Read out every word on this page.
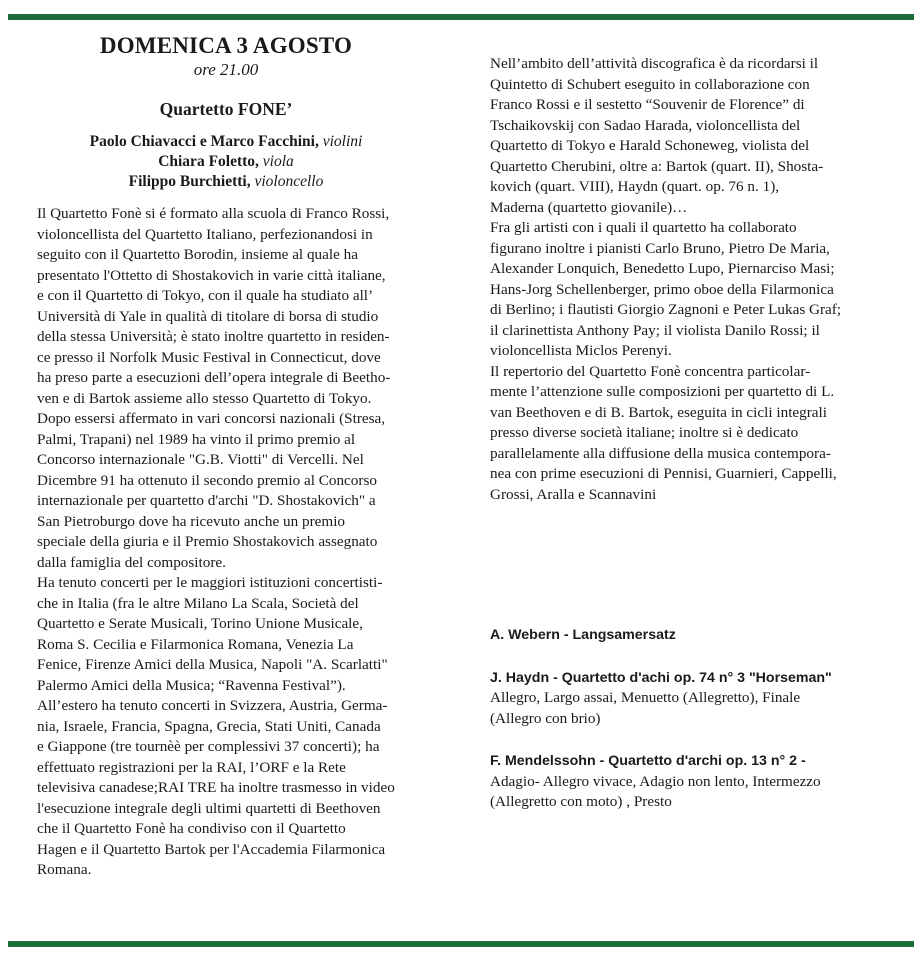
DOMENICA 3 AGOSTO
ore 21.00
Quartetto FONE’
Paolo Chiavacci e Marco Facchini, violini
Chiara Foletto, viola
Filippo Burchietti, violoncello

Il Quartetto Fonè si é formato alla scuola di Franco Rossi,
violoncellista del Quartetto Italiano, perfezionandosi in
seguito con il Quartetto Borodin, insieme al quale ha
presentato l'Ottetto di Shostakovich in varie città italiane,
e con il Quartetto di Tokyo, con il quale ha studiato all’
Università di Yale in qualità di titolare di borsa di studio
della stessa Università; è stato inoltre quartetto in residen-
ce presso il Norfolk Music Festival in Connecticut, dove
ha preso parte a esecuzioni dell’opera integrale di Beetho-
ven e di Bartok assieme allo stesso Quartetto di Tokyo.
Dopo essersi affermato in vari concorsi nazionali (Stresa,
Palmi, Trapani) nel 1989 ha vinto il primo premio al
Concorso internazionale "G.B. Viotti" di Vercelli. Nel
Dicembre 91 ha ottenuto il secondo premio al Concorso
internazionale per quartetto d'archi "D. Shostakovich" a
San Pietroburgo dove ha ricevuto anche un premio
speciale della giuria e il Premio Shostakovich assegnato
dalla famiglia del compositore.
Ha tenuto concerti per le maggiori istituzioni concertisti-
che in Italia (fra le altre Milano La Scala, Società del
Quartetto e Serate Musicali, Torino Unione Musicale,
Roma S. Cecilia e Filarmonica Romana, Venezia La
Fenice, Firenze Amici della Musica, Napoli "A. Scarlatti"
Palermo Amici della Musica; “Ravenna Festival”).
All’estero ha tenuto concerti in Svizzera, Austria, Germa-
nia, Israele, Francia, Spagna, Grecia, Stati Uniti, Canada
e Giappone (tre tournèè per complessivi 37 concerti); ha
effettuato registrazioni per la RAI, l’ORF e la Rete
televisiva canadese;RAI TRE ha inoltre trasmesso in video
l'esecuzione integrale degli ultimi quartetti di Beethoven
che il Quartetto Fonè ha condiviso con il Quartetto
Hagen e il Quartetto Bartok per l'Accademia Filarmonica
Romana.

Nell’ambito dell’attività discografica è da ricordarsi il
Quintetto di Schubert eseguito in collaborazione con
Franco Rossi e il sestetto “Souvenir de Florence” di
Tschaikovskij con Sadao Harada, violoncellista del
Quartetto di Tokyo e Harald Schoneweg, violista del
Quartetto Cherubini, oltre a: Bartok (quart. II), Shosta-
kovich (quart. VIII), Haydn (quart. op. 76 n. 1),
Maderna (quartetto giovanile)…
Fra gli artisti con i quali il quartetto ha collaborato
figurano inoltre i pianisti Carlo Bruno, Pietro De Maria,
Alexander Lonquich, Benedetto Lupo, Piernarciso Masi;
Hans-Jorg Schellenberger, primo oboe della Filarmonica
di Berlino; i flautisti Giorgio Zagnoni e Peter Lukas Graf;
il clarinettista Anthony Pay; il violista Danilo Rossi; il
violoncellista Miclos Perenyi.
Il repertorio del Quartetto Fonè concentra particolar-
mente l’attenzione sulle composizioni per quartetto di L.
van Beethoven e di B. Bartok, eseguita in cicli integrali
presso diverse società italiane; inoltre si è dedicato
parallelamente alla diffusione della musica contempora-
nea con prime esecuzioni di Pennisi, Guarnieri, Cappelli,
Grossi, Aralla e Scannavini

A. Webern - Langsamersatz
J. Haydn - Quartetto d'achi op. 74 n° 3 "Horseman"
Allegro, Largo assai, Menuetto (Allegretto), Finale
(Allegro con brio)
F. Mendelssohn - Quartetto d'archi op. 13 n° 2 -
Adagio- Allegro vivace, Adagio non lento, Intermezzo
(Allegretto con moto) , Presto
